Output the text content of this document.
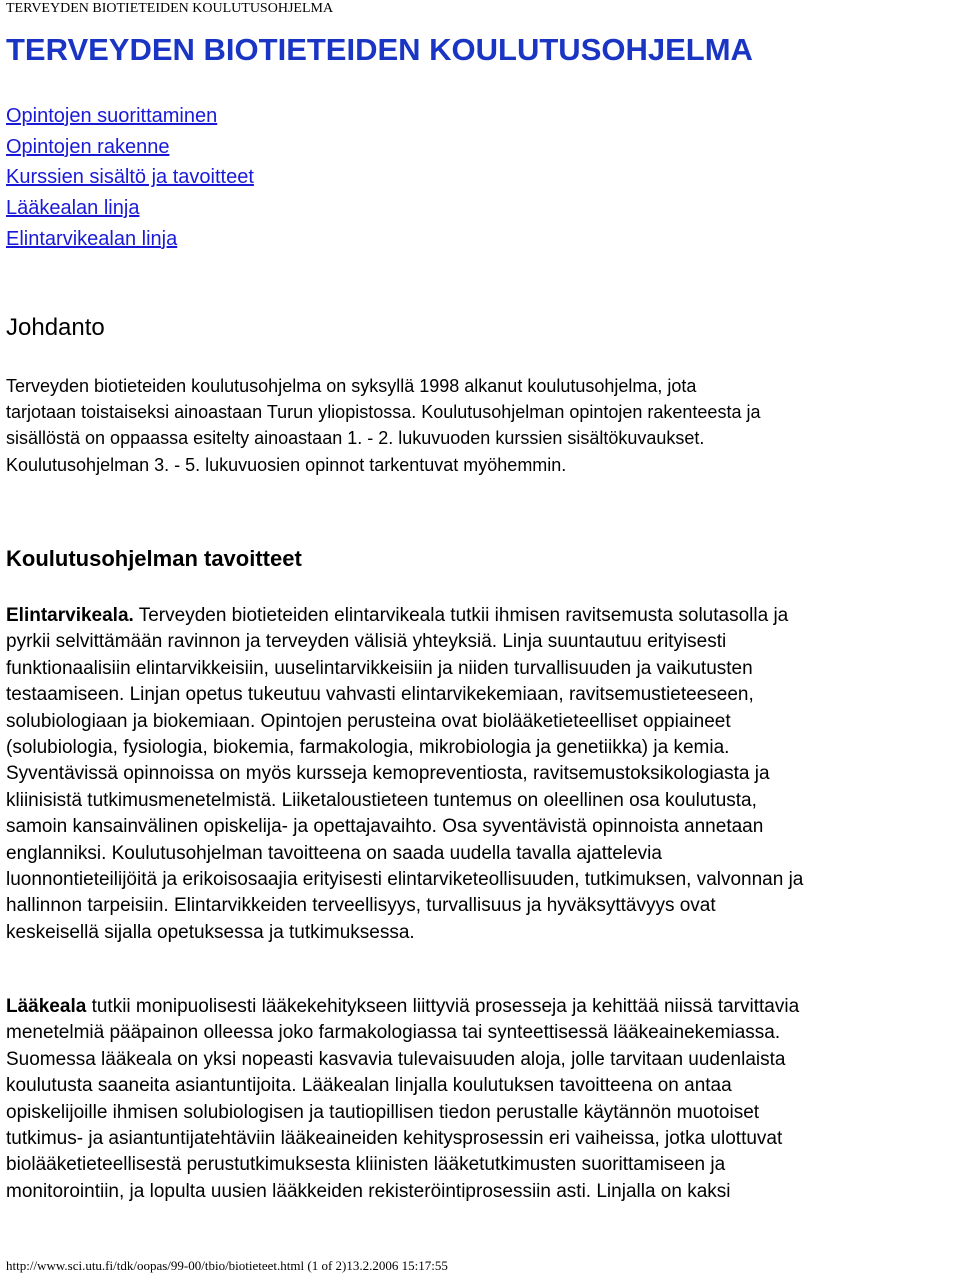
TERVEYDEN BIOTIETEIDEN KOULUTUSOHJELMA
TERVEYDEN BIOTIETEIDEN KOULUTUSOHJELMA
Opintojen suorittaminen
Opintojen rakenne
Kurssien sisältö ja tavoitteet
Lääkealan linja
Elintarvikealan linja
Johdanto

Terveyden biotieteiden koulutusohjelma on syksyllä 1998 alkanut koulutusohjelma, jota
tarjotaan toistaiseksi ainoastaan Turun yliopistossa. Koulutusohjelman opintojen rakenteesta ja
sisällöstä on oppaassa esitelty ainoastaan 1. - 2. lukuvuoden kurssien sisältökuvaukset.
Koulutusohjelman 3. - 5. lukuvuosien opinnot tarkentuvat myöhemmin.

Koulutusohjelman tavoitteet

Elintarvikeala. Terveyden biotieteiden elintarvikeala tutkii ihmisen ravitsemusta solutasolla ja
pyrkii selvittämään ravinnon ja terveyden välisiä yhteyksiä. Linja suuntautuu erityisesti
funktionaalisiin elintarvikkeisiin, uuselintarvikkeisiin ja niiden turvallisuuden ja vaikutusten
testaamiseen. Linjan opetus tukeutuu vahvasti elintarvikekemiaan, ravitsemustieteeseen,
solubiologiaan ja biokemiaan. Opintojen perusteina ovat biolääketieteelliset oppiaineet
(solubiologia, fysiologia, biokemia, farmakologia, mikrobiologia ja genetiikka) ja kemia.
Syventävissä opinnoissa on myös kursseja kemopreventiosta, ravitsemustoksikologiasta ja
kliinisistä tutkimusmenetelmistä. Liiketaloustieteen tuntemus on oleellinen osa koulutusta,
samoin kansainvälinen opiskelija- ja opettajavaihto. Osa syventävistä opinnoista annetaan
englanniksi. Koulutusohjelman tavoitteena on saada uudella tavalla ajattelevia
luonnontieteilijöitä ja erikoisosaajia erityisesti elintarviketeollisuuden, tutkimuksen, valvonnan ja
hallinnon tarpeisiin. Elintarvikkeiden terveellisyys, turvallisuus ja hyväksyttävyys ovat
keskeisellä sijalla opetuksessa ja tutkimuksessa.

Lääkeala tutkii monipuolisesti lääkekehitykseen liittyviä prosesseja ja kehittää niissä tarvittavia
menetelmiä pääpainon olleessa joko farmakologiassa tai synteettisessä lääkeainekemiassa.
Suomessa lääkeala on yksi nopeasti kasvavia tulevaisuuden aloja, jolle tarvitaan uudenlaista
koulutusta saaneita asiantuntijoita. Lääkealan linjalla koulutuksen tavoitteena on antaa
opiskelijoille ihmisen solubiologisen ja tautiopillisen tiedon perustalle käytännön muotoiset
tutkimus- ja asiantuntijatehtäviin lääkeaineiden kehitysprosessin eri vaiheissa, jotka ulottuvat
biolääketieteellisestä perustutkimuksesta kliinisten lääketutkimusten suorittamiseen ja
monitorointiin, ja lopulta uusien lääkkeiden rekisteröintiprosessiin asti. Linjalla on kaksi

http://www.sci.utu.fi/tdk/oopas/99-00/tbio/biotieteet.html (1 of 2)13.2.2006 15:17:55
